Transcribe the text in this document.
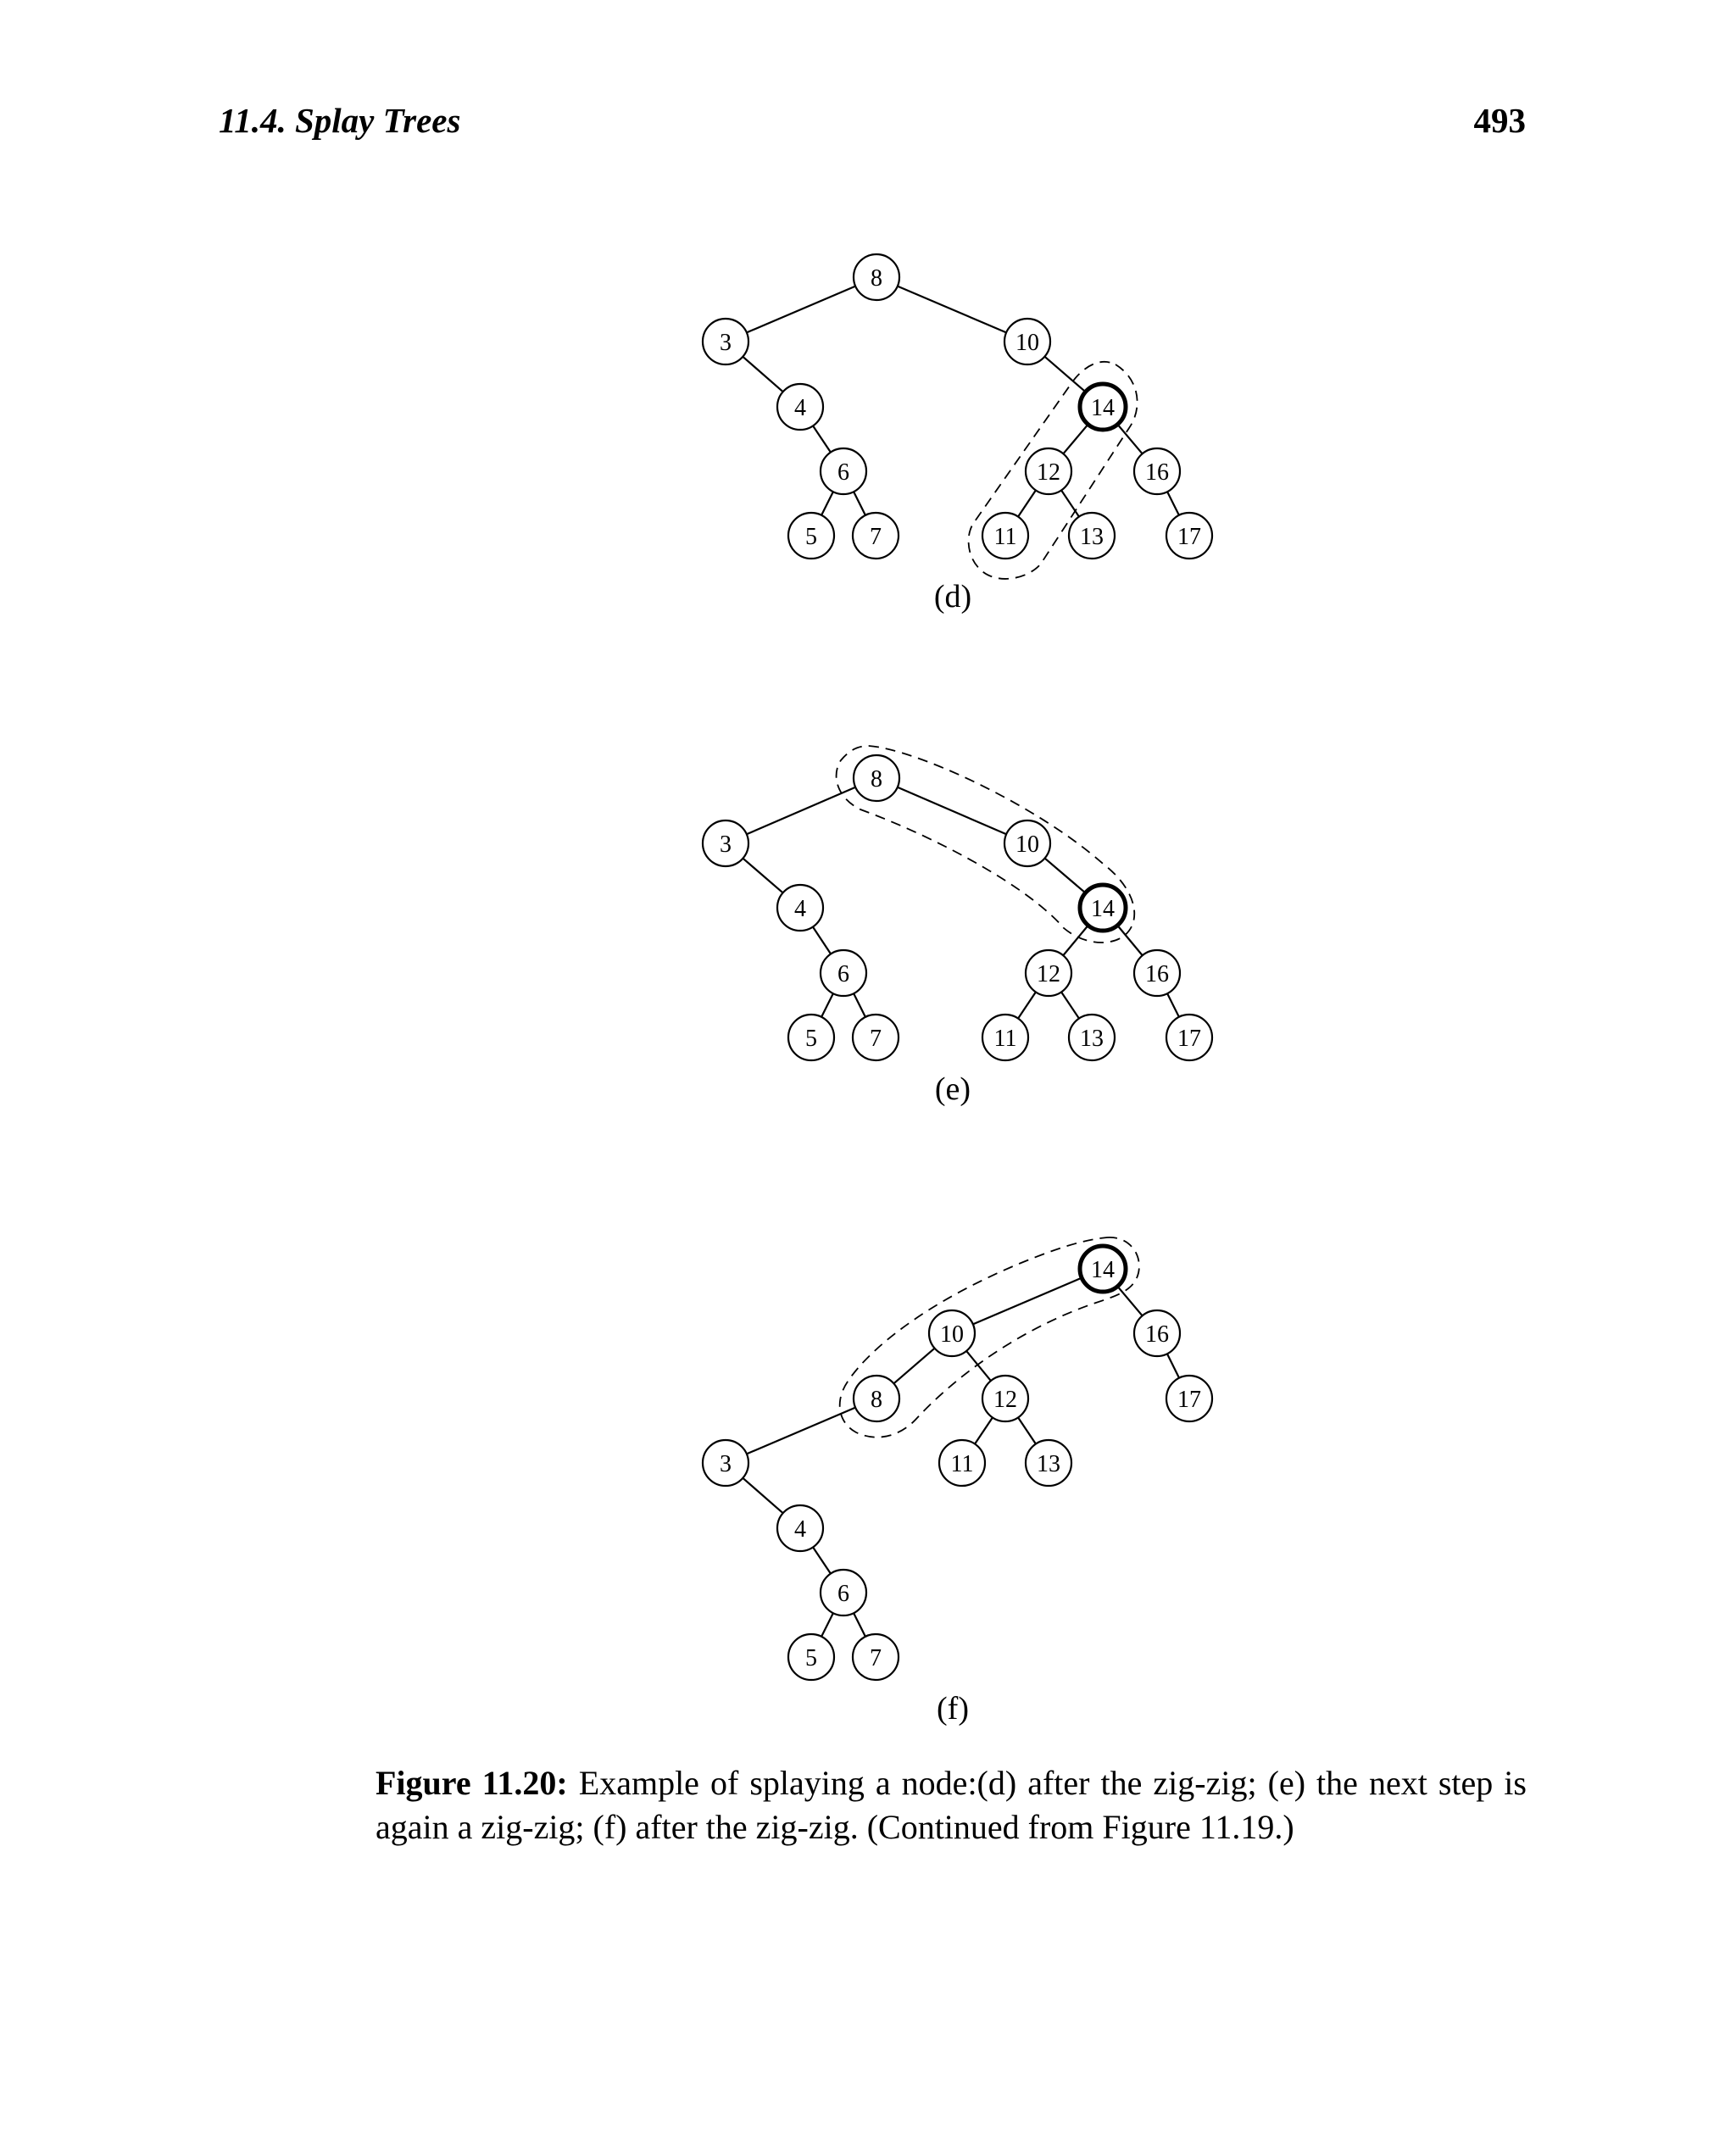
11.4. Splay Trees	493
8
3	10
4	14
6	12	16
5 7	11	13	17
(d)
8
3	10
4	14
6	12	16
5 7	11	13	17
(e)
14
10	16
8	12	17
3	11	13
4
6
5 7
(f)
Figure 11.20: Example of splaying a node:(d) after the zig-zig; (e) the next step is again a zig-zig; (f) after the zig-zig. (Continued from Figure 11.19.)
